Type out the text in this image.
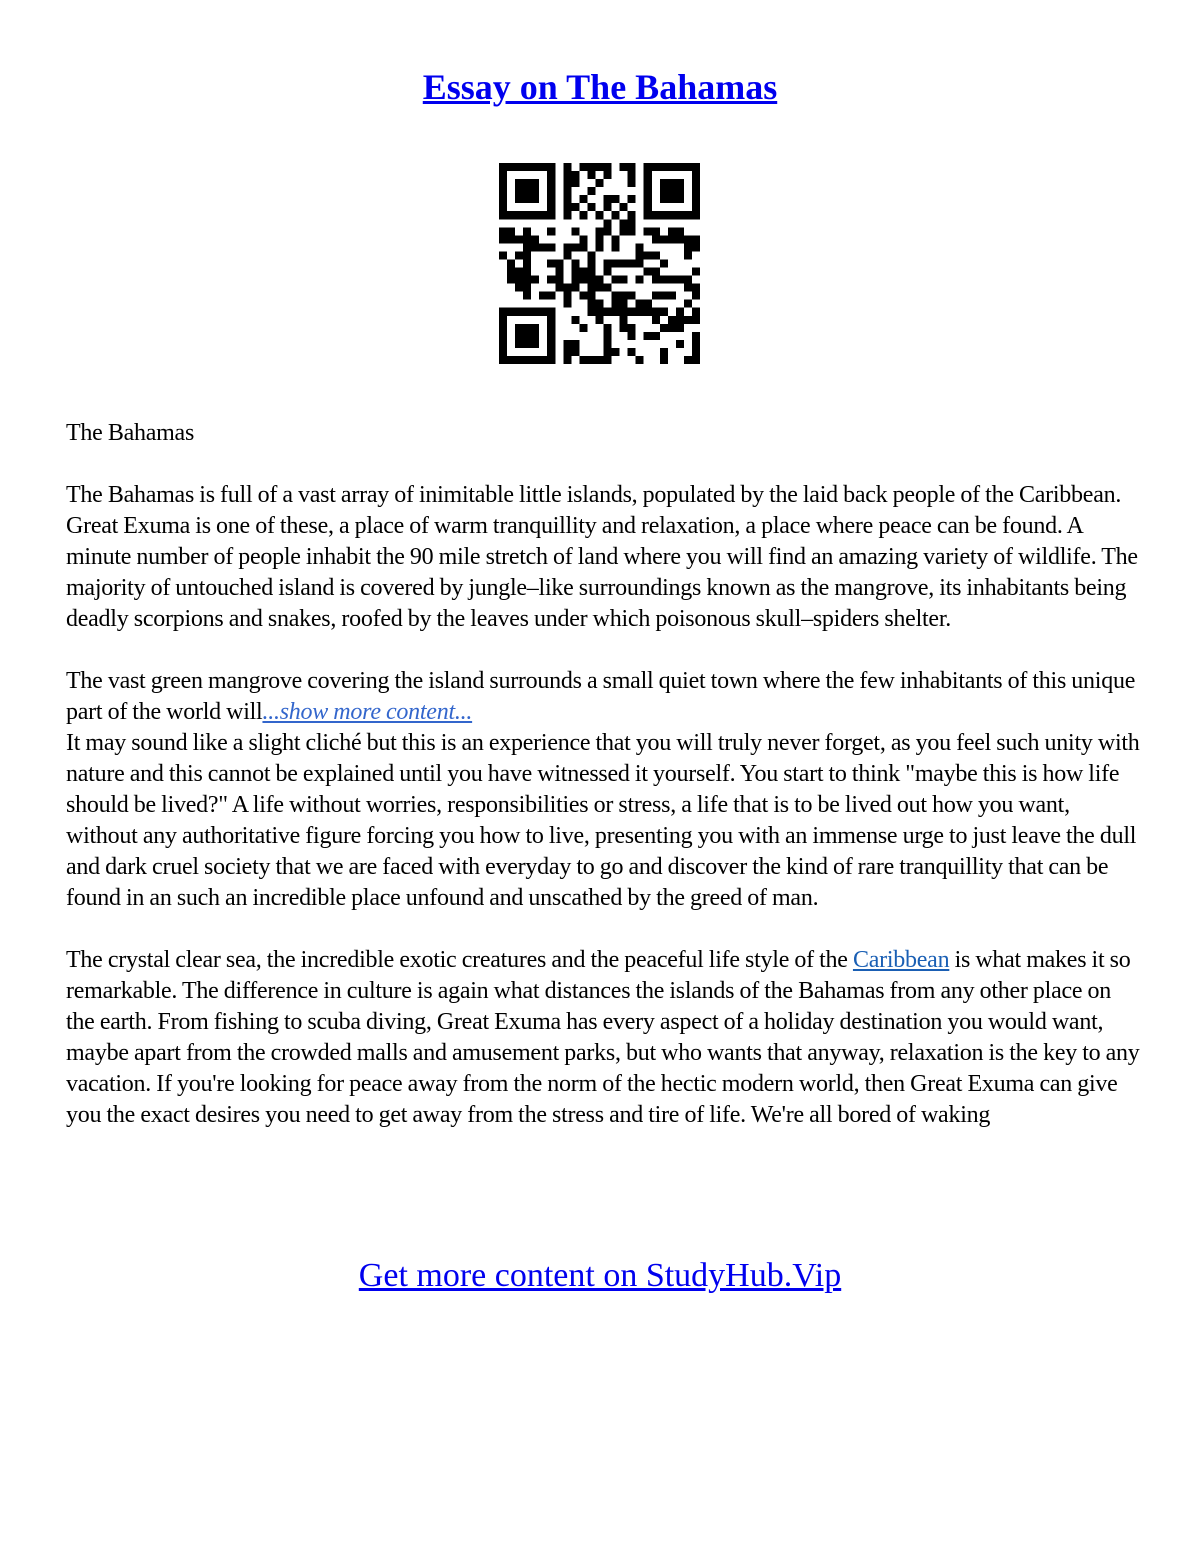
Essay on The Bahamas

The Bahamas

The Bahamas is full of a vast array of inimitable little islands, populated by the laid back people of the Caribbean. Great Exuma is one of these, a place of warm tranquillity and relaxation, a place where peace can be found. A minute number of people inhabit the 90 mile stretch of land where you will find an amazing variety of wildlife. The majority of untouched island is covered by jungle–like surroundings known as the mangrove, its inhabitants being deadly scorpions and snakes, roofed by the leaves under which poisonous skull–spiders shelter.

The vast green mangrove covering the island surrounds a small quiet town where the few inhabitants of this unique part of the world will...show more content...

It may sound like a slight cliché but this is an experience that you will truly never forget, as you feel such unity with nature and this cannot be explained until you have witnessed it yourself. You start to think "maybe this is how life should be lived?" A life without worries, responsibilities or stress, a life that is to be lived out how you want, without any authoritative figure forcing you how to live, presenting you with an immense urge to just leave the dull and dark cruel society that we are faced with everyday to go and discover the kind of rare tranquillity that can be found in an such an incredible place unfound and unscathed by the greed of man.

The crystal clear sea, the incredible exotic creatures and the peaceful life style of the Caribbean is what makes it so remarkable. The difference in culture is again what distances the islands of the Bahamas from any other place on the earth. From fishing to scuba diving, Great Exuma has every aspect of a holiday destination you would want, maybe apart from the crowded malls and amusement parks, but who wants that anyway, relaxation is the key to any vacation. If you're looking for peace away from the norm of the hectic modern world, then Great Exuma can give you the exact desires you need to get away from the stress and tire of life. We're all bored of waking

Get more content on StudyHub.Vip
